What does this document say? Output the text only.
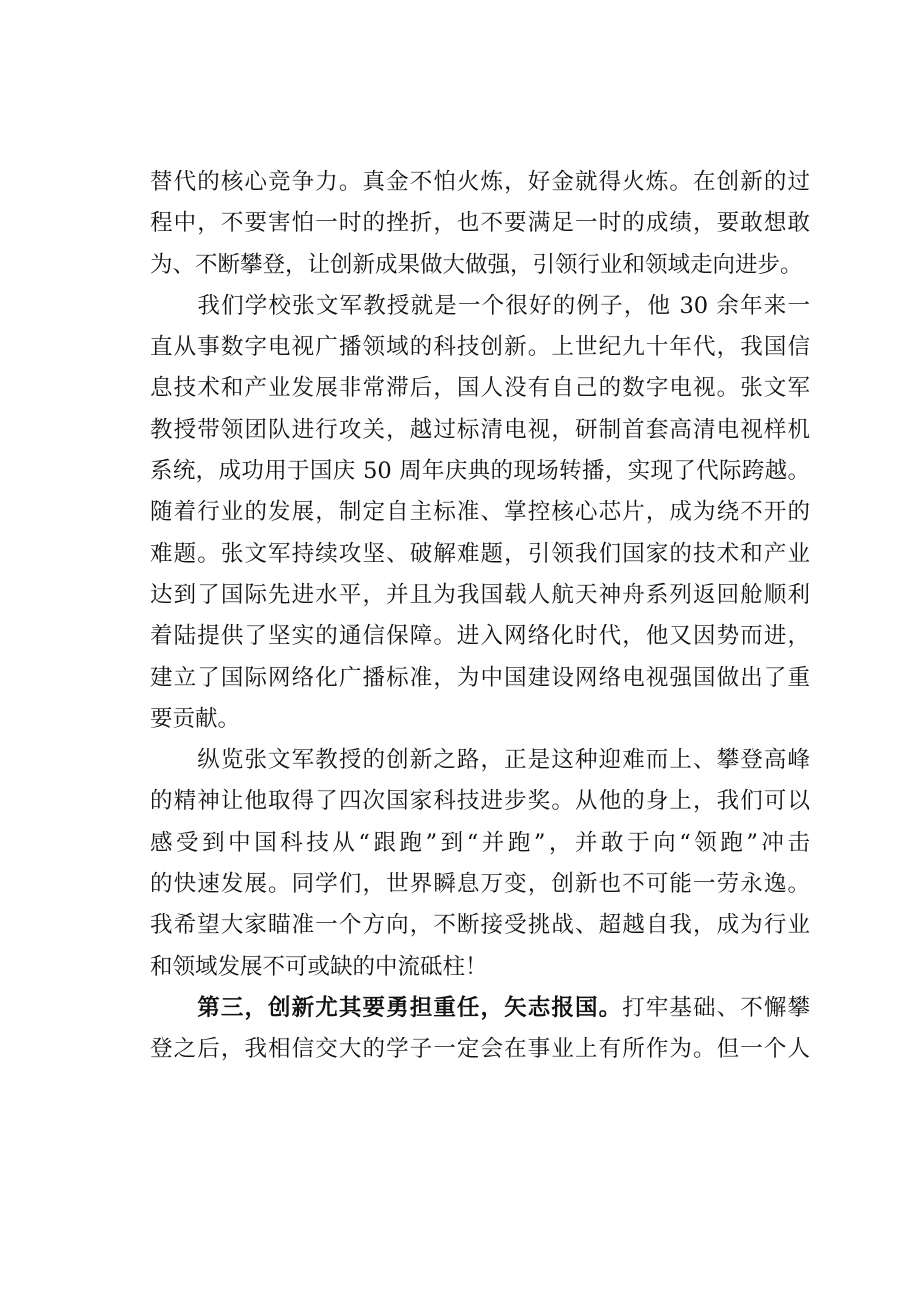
替代的核心竞争力。真金不怕火炼，好金就得火炼。在创新的过
程中，不要害怕一时的挫折，也不要满足一时的成绩，要敢想敢
为、不断攀登，让创新成果做大做强，引领行业和领域走向进步。
　　我们学校张文军教授就是一个很好的例子，他 30 余年来一
直从事数字电视广播领域的科技创新。上世纪九十年代，我国信
息技术和产业发展非常滞后，国人没有自己的数字电视。张文军
教授带领团队进行攻关，越过标清电视，研制首套高清电视样机
系统，成功用于国庆 50 周年庆典的现场转播，实现了代际跨越。
随着行业的发展，制定自主标准、掌控核心芯片，成为绕不开的
难题。张文军持续攻坚、破解难题，引领我们国家的技术和产业
达到了国际先进水平，并且为我国载人航天神舟系列返回舱顺利
着陆提供了坚实的通信保障。进入网络化时代，他又因势而进，
建立了国际网络化广播标准，为中国建设网络电视强国做出了重
要贡献。
　　纵览张文军教授的创新之路，正是这种迎难而上、攀登高峰
的精神让他取得了四次国家科技进步奖。从他的身上，我们可以
感受到中国科技从“跟跑”到“并跑”，并敢于向“领跑”冲击
的快速发展。同学们，世界瞬息万变，创新也不可能一劳永逸。
我希望大家瞄准一个方向，不断接受挑战、超越自我，成为行业
和领域发展不可或缺的中流砥柱！
　　第三，创新尤其要勇担重任，矢志报国。打牢基础、不懈攀
登之后，我相信交大的学子一定会在事业上有所作为。但一个人
